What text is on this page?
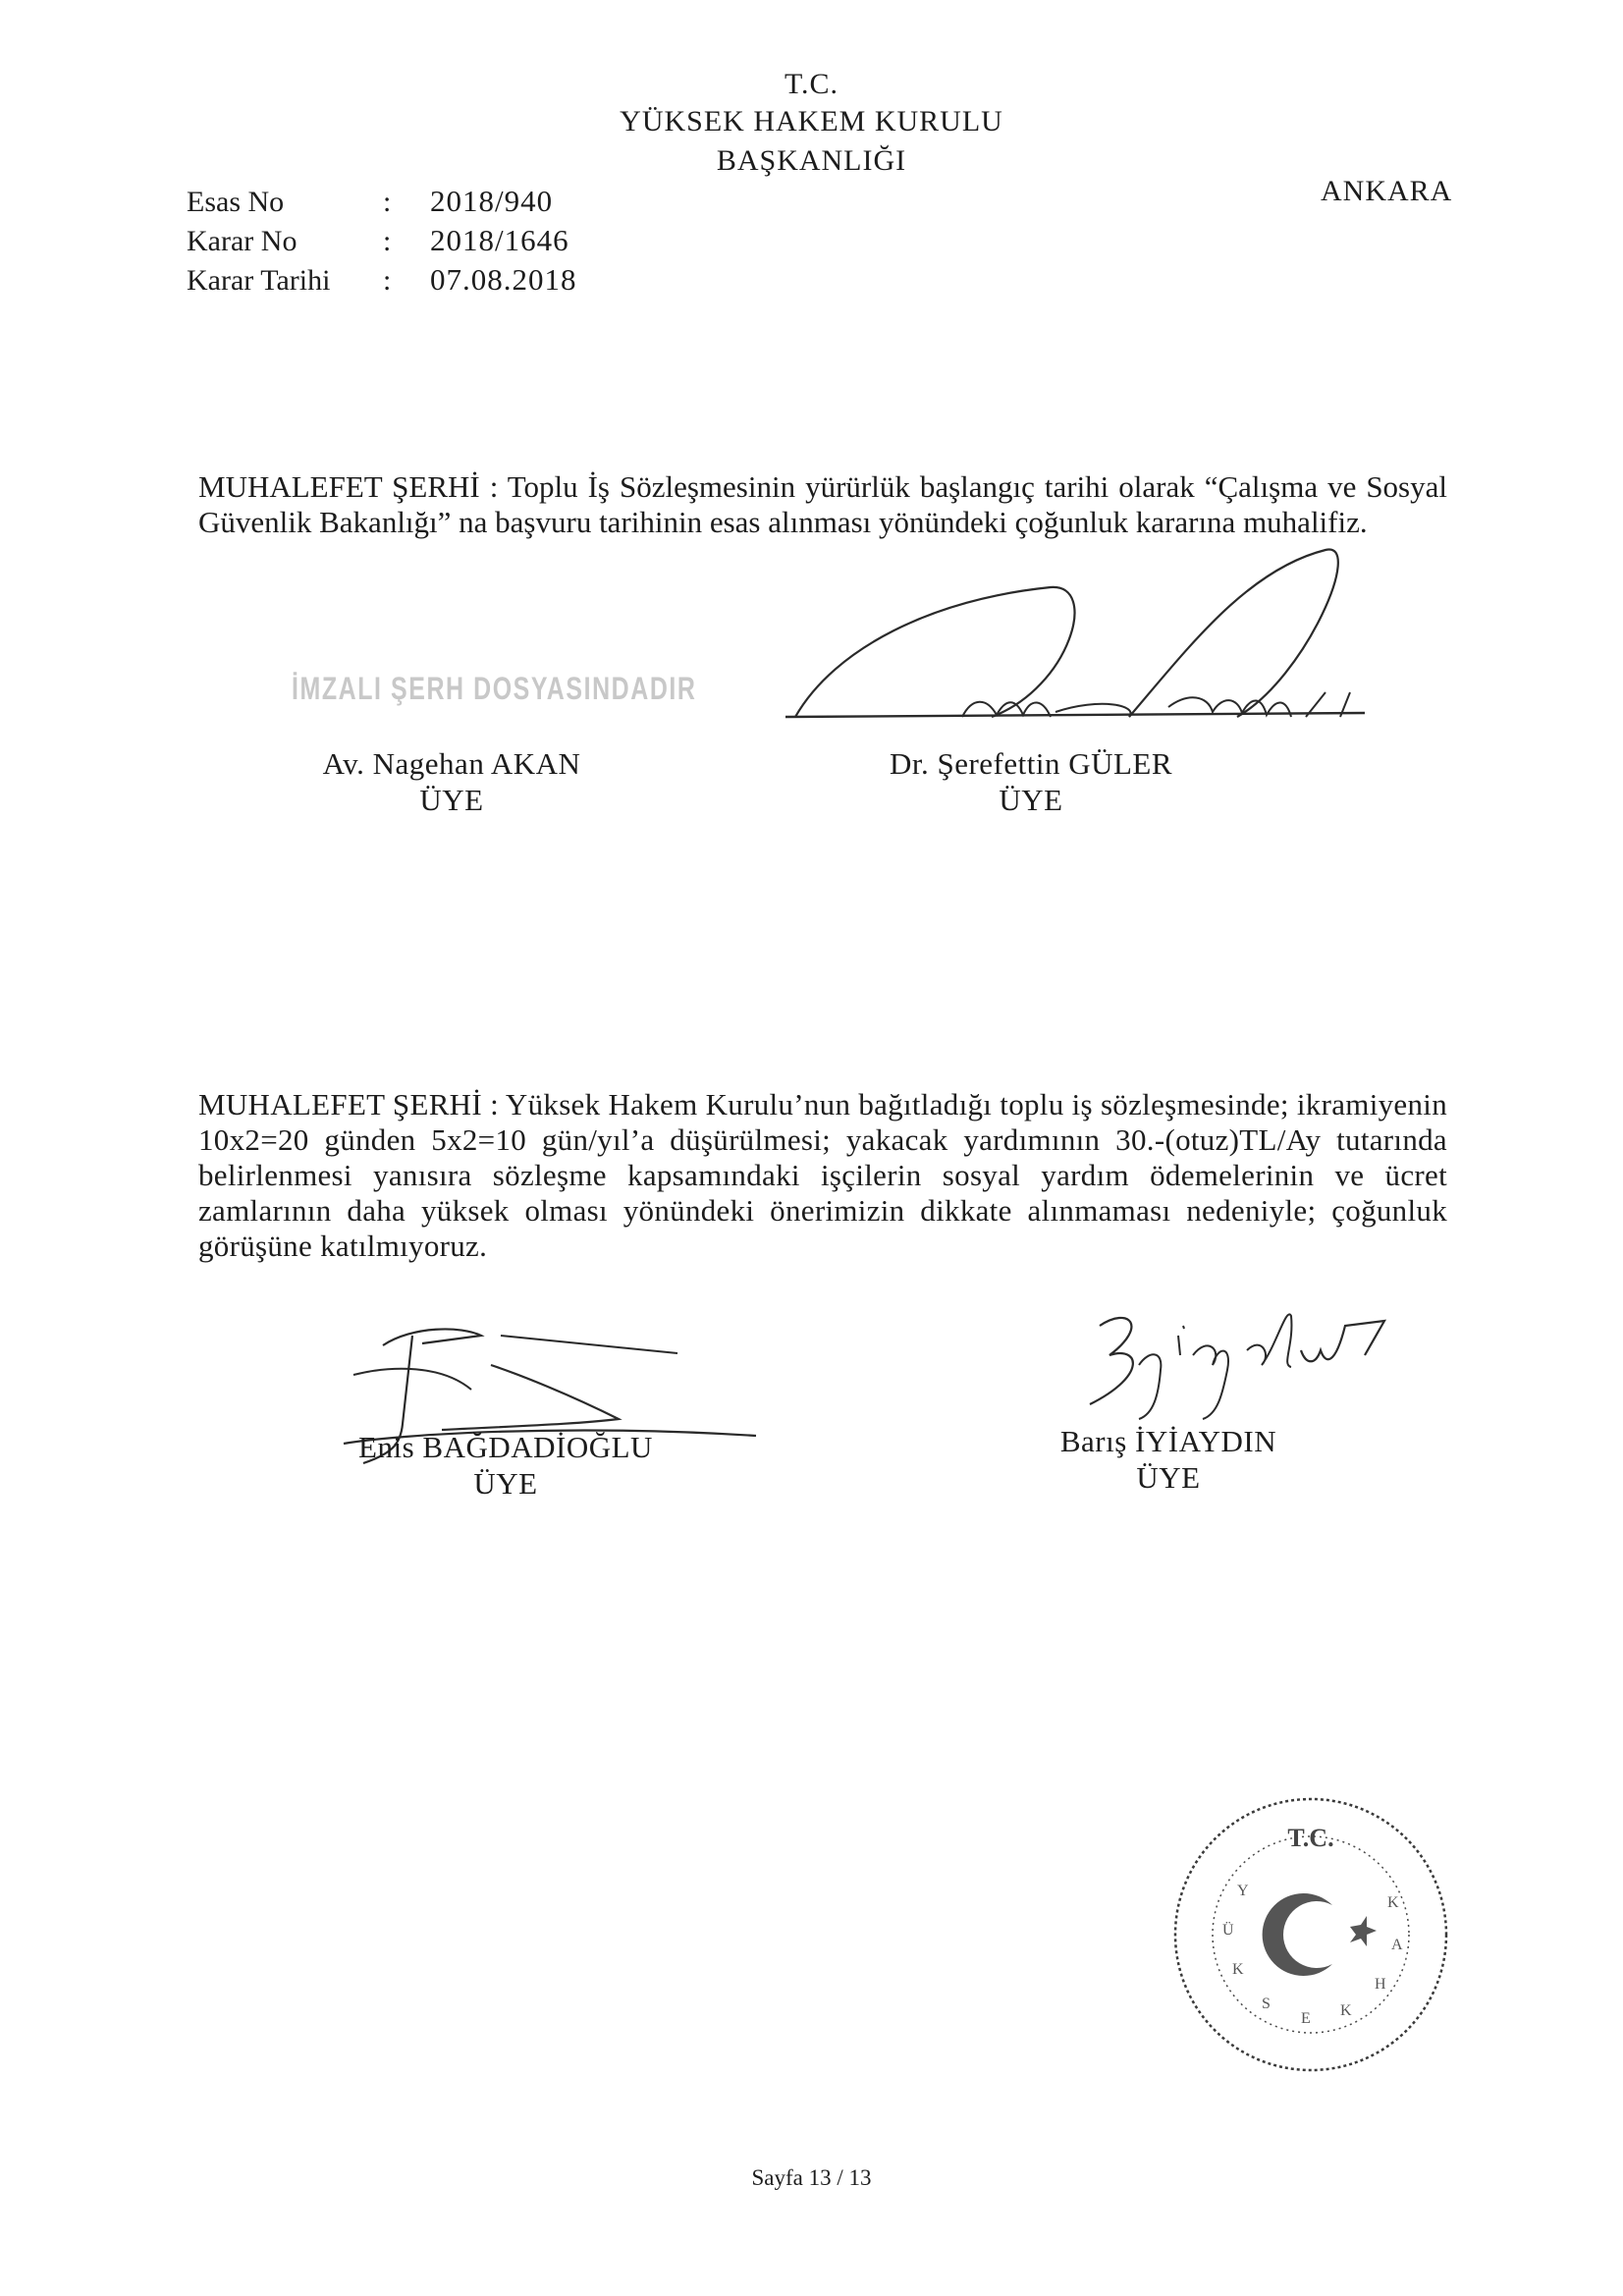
T.C.
YÜKSEK HAKEM KURULU
BAŞKANLIĞI
ANKARA
Esas No	: 2018/940
Karar No	: 2018/1646
Karar Tarihi : 07.08.2018

MUHALEFET ŞERHİ : Toplu İş Sözleşmesinin yürürlük başlangıç tarihi olarak “Çalışma ve Sosyal Güvenlik Bakanlığı” na başvuru tarihinin esas alınması yönündeki çoğunluk kararına muhalifiz.

İMZALI ŞERH DOSYASINDADIR
Av. Nagehan AKAN
ÜYE
Dr. Şerefettin GÜLER
ÜYE

MUHALEFET ŞERHİ : Yüksek Hakem Kurulu’nun bağıtladığı toplu iş sözleşmesinde; ikramiyenin 10x2=20 günden 5x2=10 gün/yıl’a düşürülmesi; yakacak yardımının 30.-(otuz)TL/Ay tutarında belirlenmesi yanısıra sözleşme kapsamındaki işçilerin sosyal yardım ödemelerinin ve ücret zamlarının daha yüksek olması yönündeki önerimizin dikkate alınmaması nedeniyle; çoğunluk görüşüne katılmıyoruz.

Enis BAĞDADİOĞLU
ÜYE
Barış İYİAYDIN
ÜYE
T.C.
Y
Ü
K
S
E K
H
A
K
Sayfa 13 / 13
